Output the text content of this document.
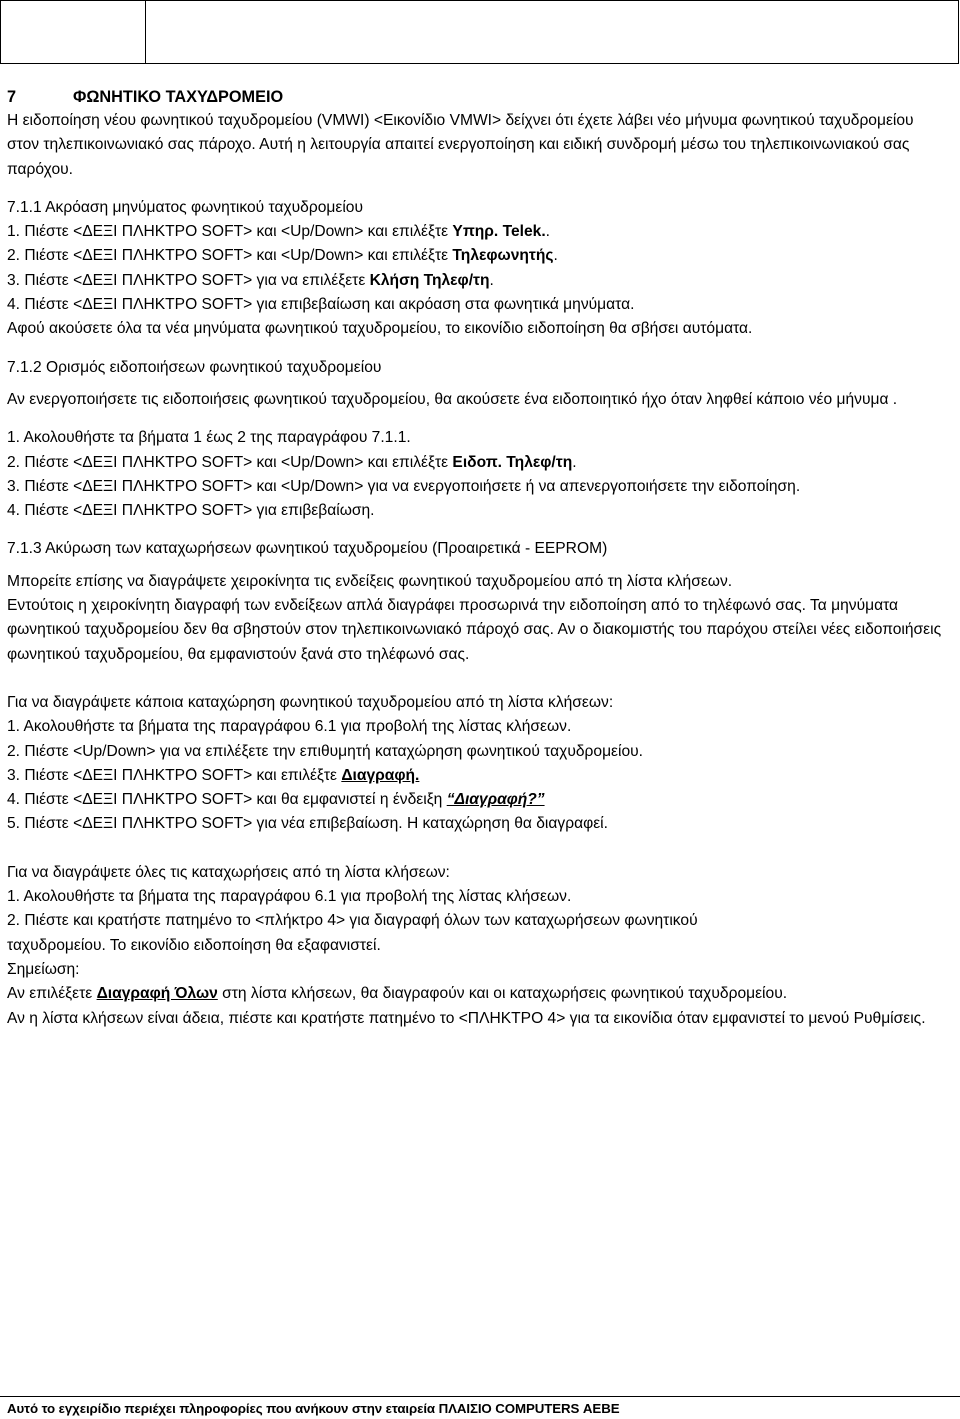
7	ΦΩΝΗΤΙΚΟ ΤΑΧΥΔΡΟΜΕΙΟ
Η ειδοποίηση νέου φωνητικού ταχυδρομείου (VMWI) <Εικονίδιο VMWI> δείχνει ότι έχετε λάβει νέο μήνυμα φωνητικού ταχυδρομείου στον τηλεπικοινωνιακό σας πάροχο. Αυτή η λειτουργία απαιτεί ενεργοποίηση και ειδική συνδρομή μέσω του τηλεπικοινωνιακού σας παρόχου.
7.1.1 Ακρόαση μηνύματος φωνητικού ταχυδρομείου
1. Πιέστε <ΔΕΞΙ ΠΛΗΚΤΡΟ SOFT> και <Up/Down> και επιλέξτε Υπηρ. Telek..
2. Πιέστε <ΔΕΞΙ ΠΛΗΚΤΡΟ SOFT> και <Up/Down> και επιλέξτε Τηλεφωνητής.
3. Πιέστε <ΔΕΞΙ ΠΛΗΚΤΡΟ SOFT> για να επιλέξετε Κλήση Τηλεφ/τη.
4. Πιέστε <ΔΕΞΙ ΠΛΗΚΤΡΟ SOFT> για επιβεβαίωση και ακρόαση στα φωνητικά μηνύματα.
Αφού ακούσετε όλα τα νέα μηνύματα φωνητικού ταχυδρομείου, το εικονίδιο ειδοποίηση θα σβήσει αυτόματα.
7.1.2 Ορισμός ειδοποιήσεων φωνητικού ταχυδρομείου
Αν ενεργοποιήσετε τις ειδοποιήσεις φωνητικού ταχυδρομείου, θα ακούσετε ένα ειδοποιητικό ήχο όταν ληφθεί κάποιο νέο μήνυμα .
1. Ακολουθήστε τα βήματα 1 έως 2 της παραγράφου 7.1.1.
2. Πιέστε <ΔΕΞΙ ΠΛΗΚΤΡΟ SOFT> και <Up/Down> και επιλέξτε Ειδοπ. Τηλεφ/τη.
3. Πιέστε <ΔΕΞΙ ΠΛΗΚΤΡΟ SOFT> και <Up/Down> για να ενεργοποιήσετε ή να απενεργοποιήσετε την ειδοποίηση.
4. Πιέστε <ΔΕΞΙ ΠΛΗΚΤΡΟ SOFT> για επιβεβαίωση.
7.1.3 Ακύρωση των καταχωρήσεων φωνητικού ταχυδρομείου (Προαιρετικά - EEPROM)
Μπορείτε επίσης να διαγράψετε χειροκίνητα τις ενδείξεις φωνητικού ταχυδρομείου από τη λίστα κλήσεων.
Εντούτοις η χειροκίνητη διαγραφή των ενδείξεων απλά διαγράφει προσωρινά την ειδοποίηση από το τηλέφωνό σας. Τα μηνύματα φωνητικού ταχυδρομείου δεν θα σβηστούν στον τηλεπικοινωνιακό πάροχό σας. Αν ο διακομιστής του παρόχου στείλει νέες ειδοποιήσεις φωνητικού ταχυδρομείου, θα εμφανιστούν ξανά στο τηλέφωνό σας.
Για να διαγράψετε κάποια καταχώρηση φωνητικού ταχυδρομείου από τη λίστα κλήσεων:
1. Ακολουθήστε τα βήματα της παραγράφου 6.1 για προβολή της λίστας κλήσεων.
2. Πιέστε <Up/Down> για να επιλέξετε την επιθυμητή καταχώρηση φωνητικού ταχυδρομείου.
3. Πιέστε <ΔΕΞΙ ΠΛΗΚΤΡΟ SOFT> και επιλέξτε Διαγραφή.
4. Πιέστε <ΔΕΞΙ ΠΛΗΚΤΡΟ SOFT> και θα εμφανιστεί η ένδειξη “Διαγραφή?”
5. Πιέστε <ΔΕΞΙ ΠΛΗΚΤΡΟ SOFT> για νέα επιβεβαίωση. Η καταχώρηση θα διαγραφεί.
Για να διαγράψετε όλες τις καταχωρήσεις από τη λίστα κλήσεων:
1. Ακολουθήστε τα βήματα της παραγράφου 6.1 για προβολή της λίστας κλήσεων.
2. Πιέστε και κρατήστε πατημένο το <πλήκτρο 4> για διαγραφή όλων των καταχωρήσεων φωνητικού ταχυδρομείου. Το εικονίδιο ειδοποίηση θα εξαφανιστεί.
Σημείωση:
Αν επιλέξετε Διαγραφή Όλων στη λίστα κλήσεων, θα διαγραφούν και οι καταχωρήσεις φωνητικού ταχυδρομείου.
Αν η λίστα κλήσεων είναι άδεια, πιέστε και κρατήστε πατημένο το <ΠΛΗΚΤΡΟ 4> για τα εικονίδια όταν εμφανιστεί το μενού Ρυθμίσεις.
Αυτό το εγχειρίδιο περιέχει πληροφορίες που ανήκουν στην εταιρεία ΠΛΑΙΣΙΟ COMPUTERS ΑΕΒΕ
